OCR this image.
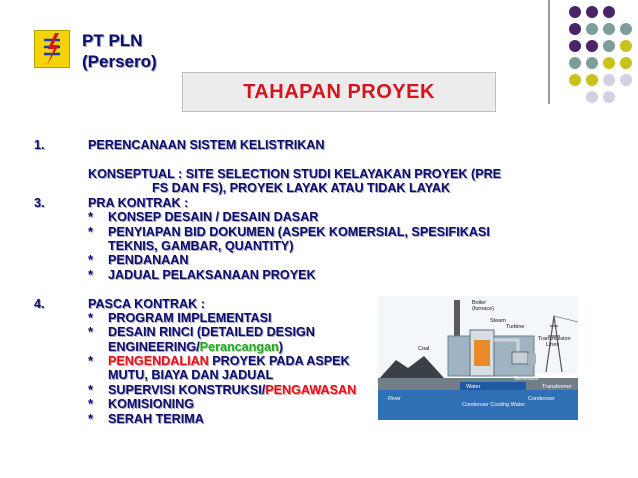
PT PLN
(Persero)
TAHAPAN PROYEK
1.	PERENCANAAN SISTEM KELISTRIKAN
KONSEPTUAL : SITE SELECTION STUDI KELAYAKAN PROYEK (PRE
FS DAN FS), PROYEK LAYAK ATAU TIDAK LAYAK
3.	PRA KONTRAK :
* KONSEP DESAIN / DESAIN DASAR
* PENYIAPAN BID DOKUMEN (ASPEK KOMERSIAL, SPESIFIKASI
TEKNIS, GAMBAR, QUANTITY)
* PENDANAAN
* JADUAL PELAKSANAAN PROYEK
4.	PASCA KONTRAK :
* PROGRAM IMPLEMENTASI
* DESAIN RINCI (DETAILED DESIGN
ENGINEERING/Perancangan)
* PENGENDALIAN PROYEK PADA ASPEK
MUTU, BIAYA DAN JADUAL
* SUPERVISI KONSTRUKSI/PENGAWASAN
* KOMISIONING
* SERAH TERIMA
Boiler
(furnace)
Steam
Turbine
Transmission
Lines
Coal
Water
Generator
Transformer
River
Condenser Cooling Water
Condenser
